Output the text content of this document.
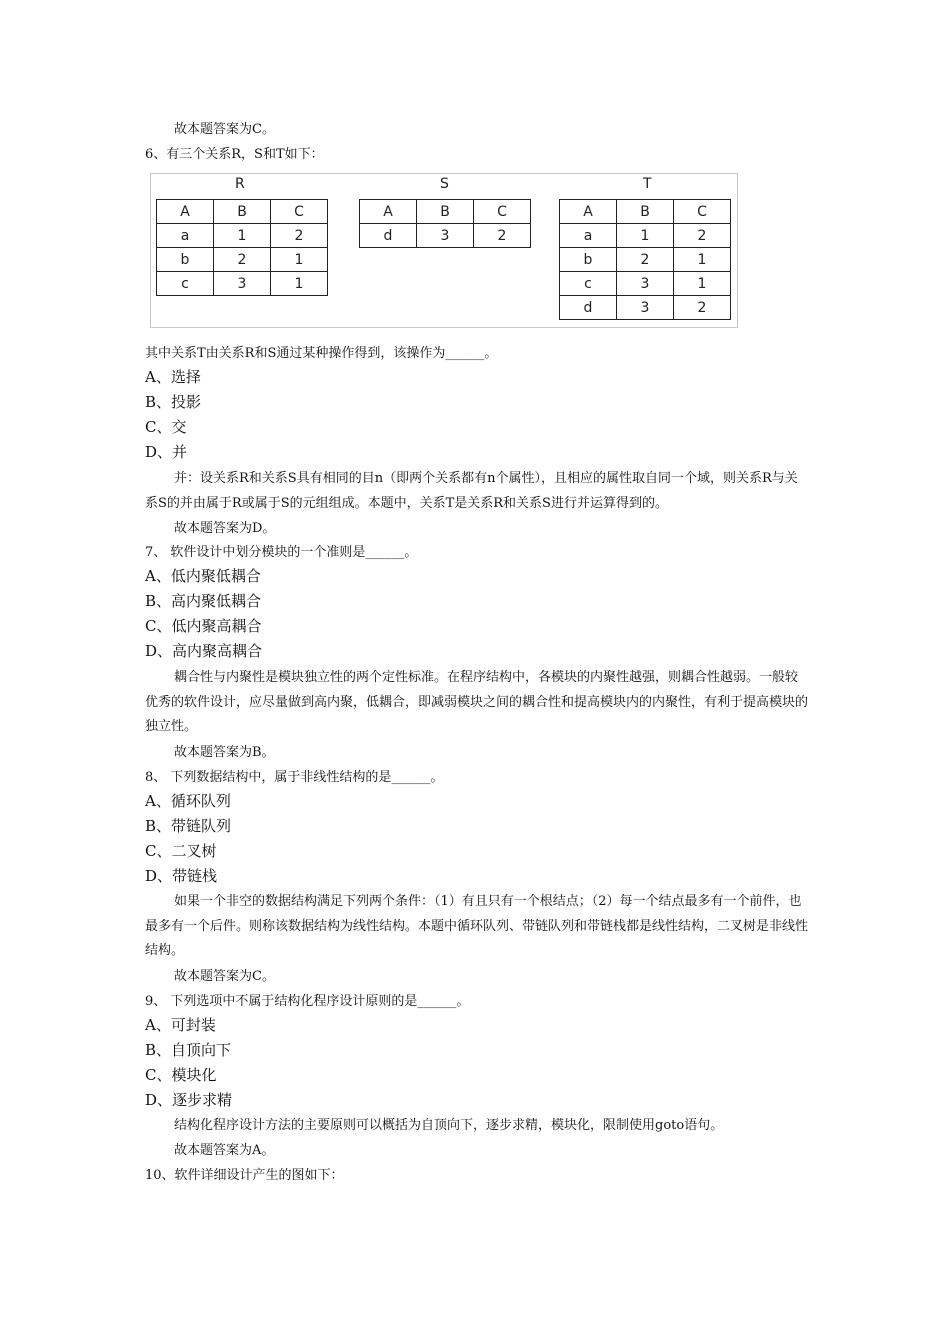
故本题答案为C。
6、有三个关系R，S和T如下：
R	S	T
A	B	C
a	1	2
b	2	1
c	3	1
A	B	C
d	3	2
A	B	C
a	1	2
b	2	1
c	3	1
d	3	2
其中关系T由关系R和S通过某种操作得到，该操作为______。
A、选择
B、投影
C、交
D、并
并：设关系R和关系S具有相同的目n（即两个关系都有n个属性），且相应的属性取自同一个域，则关系R与关系S的并由属于R或属于S的元组组成。本题中，关系T是关系R和关系S进行并运算得到的。
故本题答案为D。
7、 软件设计中划分模块的一个准则是______。
A、低内聚低耦合
B、高内聚低耦合
C、低内聚高耦合
D、高内聚高耦合
耦合性与内聚性是模块独立性的两个定性标准。在程序结构中，各模块的内聚性越强，则耦合性越弱。一般较优秀的软件设计，应尽量做到高内聚，低耦合，即减弱模块之间的耦合性和提高模块内的内聚性，有利于提高模块的独立性。
故本题答案为B。
8、 下列数据结构中，属于非线性结构的是______。
A、循环队列
B、带链队列
C、二叉树
D、带链栈
如果一个非空的数据结构满足下列两个条件：（1）有且只有一个根结点；（2）每一个结点最多有一个前件，也最多有一个后件。则称该数据结构为线性结构。本题中循环队列、带链队列和带链栈都是线性结构，二叉树是非线性结构。
故本题答案为C。
9、 下列选项中不属于结构化程序设计原则的是______。
A、可封装
B、自顶向下
C、模块化
D、逐步求精
结构化程序设计方法的主要原则可以概括为自顶向下，逐步求精，模块化，限制使用goto语句。
故本题答案为A。
10、软件详细设计产生的图如下：
